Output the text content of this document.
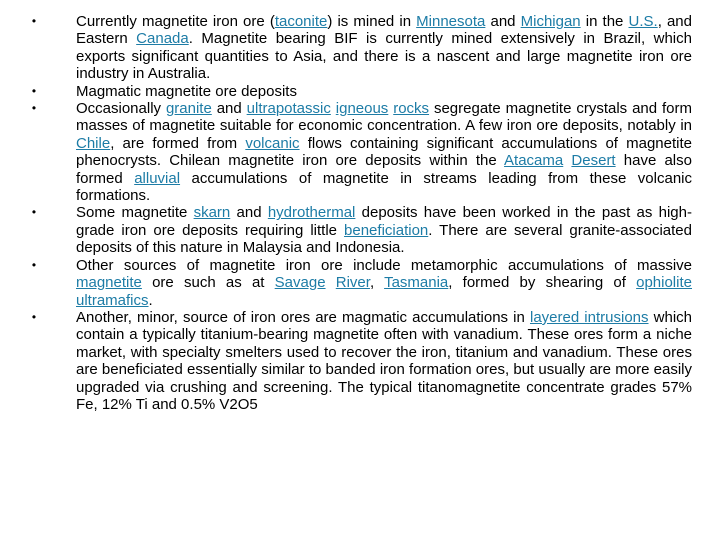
•	Currently magnetite iron ore (taconite) is mined in Minnesota and Michigan in the U.S., and Eastern Canada. Magnetite bearing BIF is currently mined extensively in Brazil, which exports significant quantities to Asia, and there is a nascent and large magnetite iron ore industry in Australia.
•	Magmatic magnetite ore deposits
•	Occasionally granite and ultrapotassic igneous rocks segregate magnetite crystals and form masses of magnetite suitable for economic concentration. A few iron ore deposits, notably in Chile, are formed from volcanic flows containing significant accumulations of magnetite phenocrysts. Chilean magnetite iron ore deposits within the Atacama Desert have also formed alluvial accumulations of magnetite in streams leading from these volcanic formations.
•	Some magnetite skarn and hydrothermal deposits have been worked in the past as high-grade iron ore deposits requiring little beneficiation. There are several granite-associated deposits of this nature in Malaysia and Indonesia.
•	Other sources of magnetite iron ore include metamorphic accumulations of massive magnetite ore such as at Savage River, Tasmania, formed by shearing of ophiolite ultramafics.
•	Another, minor, source of iron ores are magmatic accumulations in layered intrusions which contain a typically titanium-bearing magnetite often with vanadium. These ores form a niche market, with specialty smelters used to recover the iron, titanium and vanadium. These ores are beneficiated essentially similar to banded iron formation ores, but usually are more easily upgraded via crushing and screening. The typical titanomagnetite concentrate grades 57% Fe, 12% Ti and 0.5% V2O5
